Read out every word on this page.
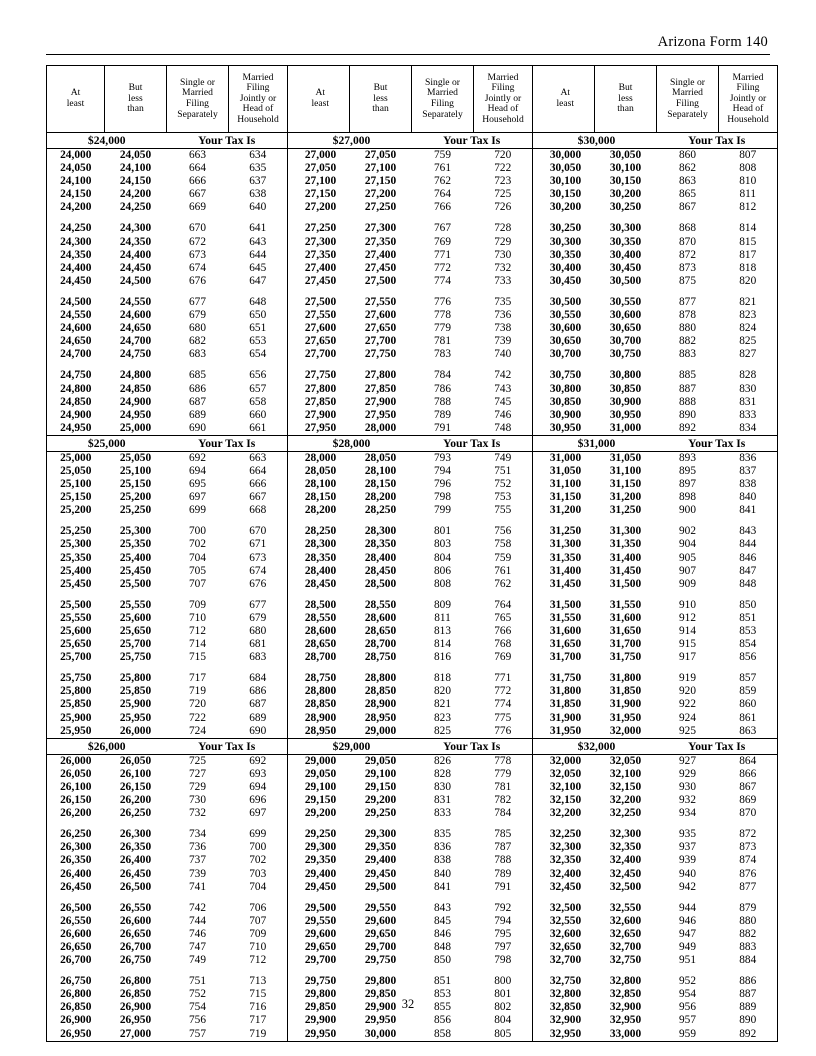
Arizona Form 140
At
least	But
less
than	Single or
Married
Filing
Separately	Married
Filing
Jointly or
Head of
Household		At
least	But
less
than	Single or
Married
Filing
Separately	Married
Filing
Jointly or
Head of
Household		At
least	But
less
than	Single or
Married
Filing
Separately	Married
Filing
Jointly or
Head of
Household
$24,000		Your Tax Is			$27,000		Your Tax Is			$30,000		Your Tax Is	
24,000	24,050	663	634		27,000	27,050	759	720		30,000	30,050	860	807
24,050	24,100	664	635		27,050	27,100	761	722		30,050	30,100	862	808
24,100	24,150	666	637		27,100	27,150	762	723		30,100	30,150	863	810
24,150	24,200	667	638		27,150	27,200	764	725		30,150	30,200	865	811
24,200	24,250	669	640		27,200	27,250	766	726		30,200	30,250	867	812

24,250	24,300	670	641		27,250	27,300	767	728		30,250	30,300	868	814
24,300	24,350	672	643		27,300	27,350	769	729		30,300	30,350	870	815
24,350	24,400	673	644		27,350	27,400	771	730		30,350	30,400	872	817
24,400	24,450	674	645		27,400	27,450	772	732		30,400	30,450	873	818
24,450	24,500	676	647		27,450	27,500	774	733		30,450	30,500	875	820

24,500	24,550	677	648		27,500	27,550	776	735		30,500	30,550	877	821
24,550	24,600	679	650		27,550	27,600	778	736		30,550	30,600	878	823
24,600	24,650	680	651		27,600	27,650	779	738		30,600	30,650	880	824
24,650	24,700	682	653		27,650	27,700	781	739		30,650	30,700	882	825
24,700	24,750	683	654		27,700	27,750	783	740		30,700	30,750	883	827

24,750	24,800	685	656		27,750	27,800	784	742		30,750	30,800	885	828
24,800	24,850	686	657		27,800	27,850	786	743		30,800	30,850	887	830
24,850	24,900	687	658		27,850	27,900	788	745		30,850	30,900	888	831
24,900	24,950	689	660		27,900	27,950	789	746		30,900	30,950	890	833
24,950	25,000	690	661		27,950	28,000	791	748		30,950	31,000	892	834
$25,000		Your Tax Is			$28,000		Your Tax Is			$31,000		Your Tax Is	
25,000	25,050	692	663		28,000	28,050	793	749		31,000	31,050	893	836
25,050	25,100	694	664		28,050	28,100	794	751		31,050	31,100	895	837
25,100	25,150	695	666		28,100	28,150	796	752		31,100	31,150	897	838
25,150	25,200	697	667		28,150	28,200	798	753		31,150	31,200	898	840
25,200	25,250	699	668		28,200	28,250	799	755		31,200	31,250	900	841

25,250	25,300	700	670		28,250	28,300	801	756		31,250	31,300	902	843
25,300	25,350	702	671		28,300	28,350	803	758		31,300	31,350	904	844
25,350	25,400	704	673		28,350	28,400	804	759		31,350	31,400	905	846
25,400	25,450	705	674		28,400	28,450	806	761		31,400	31,450	907	847
25,450	25,500	707	676		28,450	28,500	808	762		31,450	31,500	909	848

25,500	25,550	709	677		28,500	28,550	809	764		31,500	31,550	910	850
25,550	25,600	710	679		28,550	28,600	811	765		31,550	31,600	912	851
25,600	25,650	712	680		28,600	28,650	813	766		31,600	31,650	914	853
25,650	25,700	714	681		28,650	28,700	814	768		31,650	31,700	915	854
25,700	25,750	715	683		28,700	28,750	816	769		31,700	31,750	917	856

25,750	25,800	717	684		28,750	28,800	818	771		31,750	31,800	919	857
25,800	25,850	719	686		28,800	28,850	820	772		31,800	31,850	920	859
25,850	25,900	720	687		28,850	28,900	821	774		31,850	31,900	922	860
25,900	25,950	722	689		28,900	28,950	823	775		31,900	31,950	924	861
25,950	26,000	724	690		28,950	29,000	825	776		31,950	32,000	925	863
$26,000		Your Tax Is			$29,000		Your Tax Is			$32,000		Your Tax Is	
26,000	26,050	725	692		29,000	29,050	826	778		32,000	32,050	927	864
26,050	26,100	727	693		29,050	29,100	828	779		32,050	32,100	929	866
26,100	26,150	729	694		29,100	29,150	830	781		32,100	32,150	930	867
26,150	26,200	730	696		29,150	29,200	831	782		32,150	32,200	932	869
26,200	26,250	732	697		29,200	29,250	833	784		32,200	32,250	934	870

26,250	26,300	734	699		29,250	29,300	835	785		32,250	32,300	935	872
26,300	26,350	736	700		29,300	29,350	836	787		32,300	32,350	937	873
26,350	26,400	737	702		29,350	29,400	838	788		32,350	32,400	939	874
26,400	26,450	739	703		29,400	29,450	840	789		32,400	32,450	940	876
26,450	26,500	741	704		29,450	29,500	841	791		32,450	32,500	942	877

26,500	26,550	742	706		29,500	29,550	843	792		32,500	32,550	944	879
26,550	26,600	744	707		29,550	29,600	845	794		32,550	32,600	946	880
26,600	26,650	746	709		29,600	29,650	846	795		32,600	32,650	947	882
26,650	26,700	747	710		29,650	29,700	848	797		32,650	32,700	949	883
26,700	26,750	749	712		29,700	29,750	850	798		32,700	32,750	951	884

26,750	26,800	751	713		29,750	29,800	851	800		32,750	32,800	952	886
26,800	26,850	752	715		29,800	29,850	853	801		32,800	32,850	954	887
26,850	26,900	754	716		29,850	29,900	855	802		32,850	32,900	956	889
26,900	26,950	756	717		29,900	29,950	856	804		32,900	32,950	957	890
26,950	27,000	757	719		29,950	30,000	858	805		32,950	33,000	959	892
32
